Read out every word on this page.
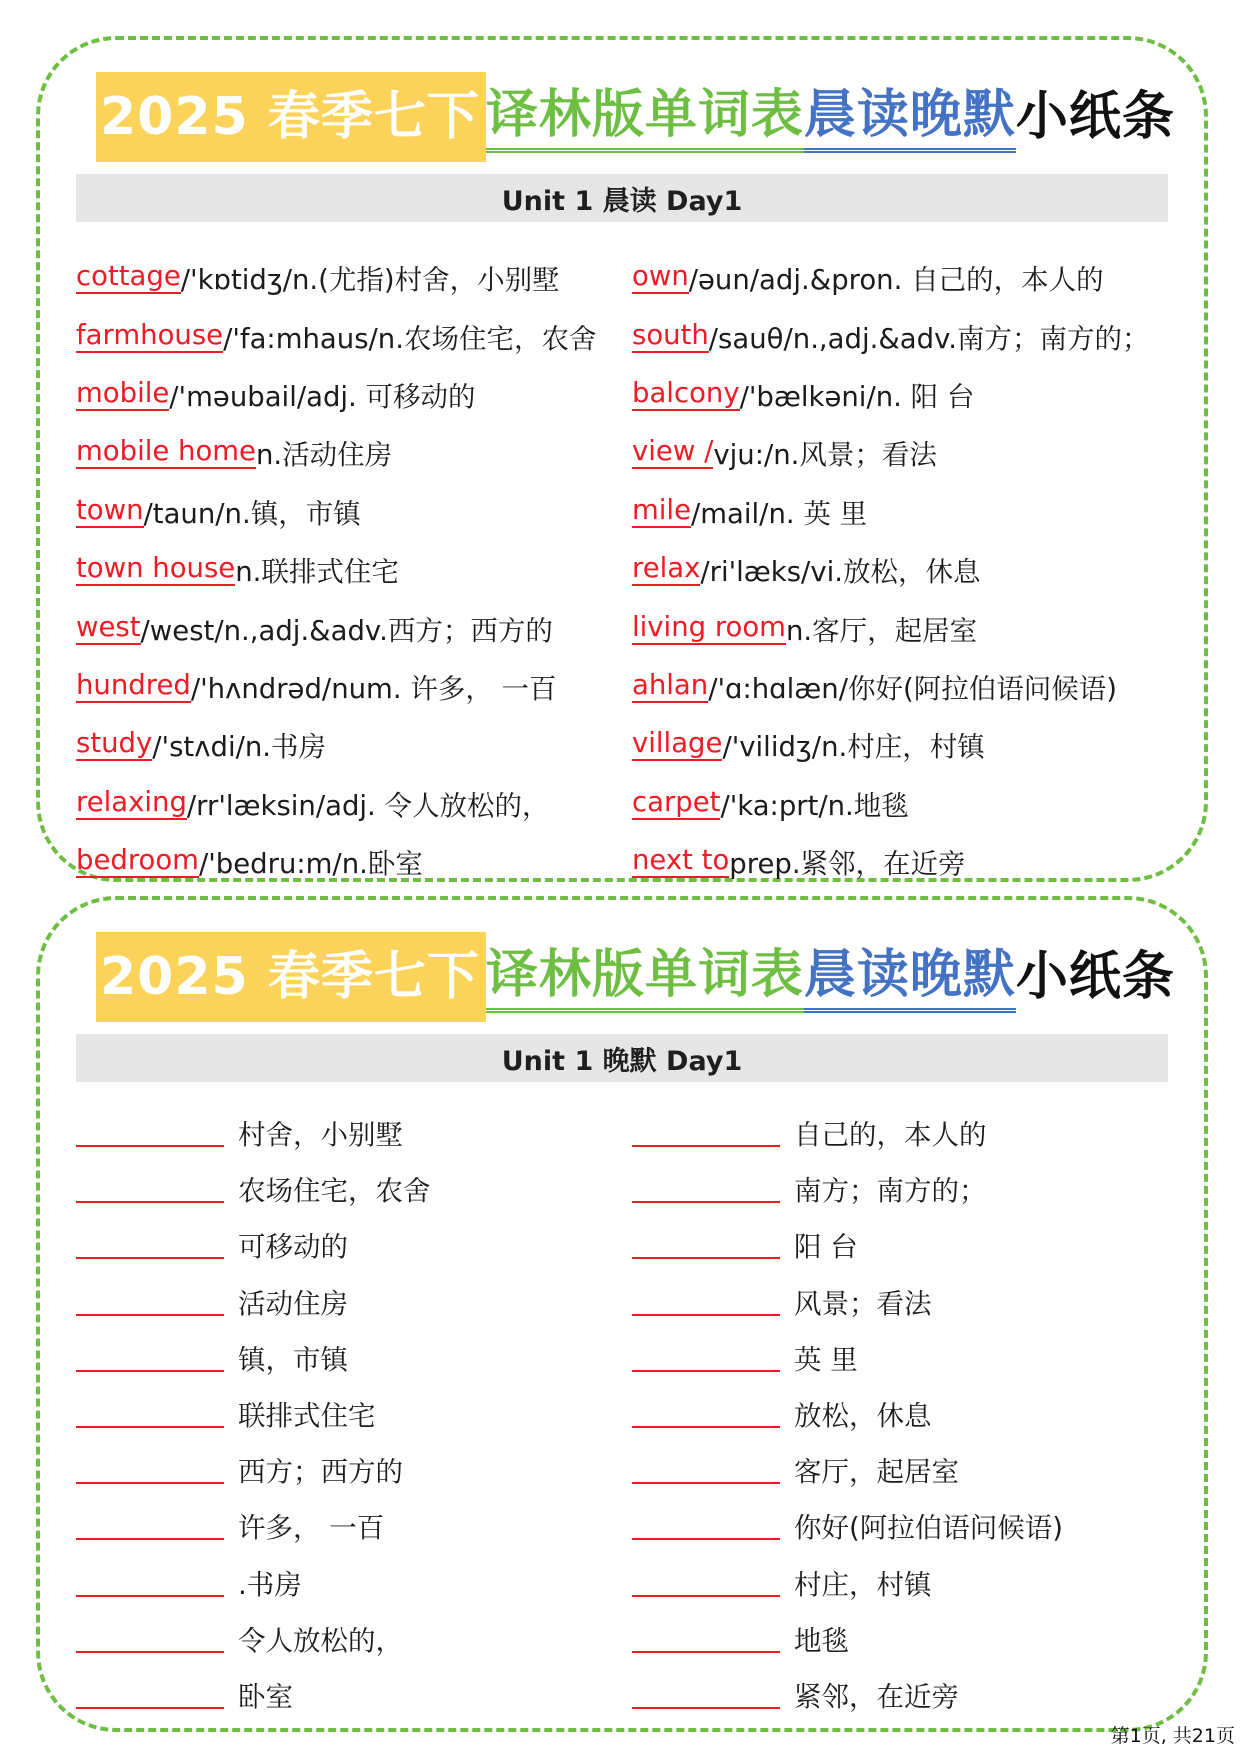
2025 春季七下 译林版单词表 晨读晚默 小纸条
Unit 1 晨读 Day1
cottage /'kɒtidʒ/n.(尤指)村舍，小别墅
farmhouse /'fa:mhaus/n.农场住宅，农舍
mobile /'məubail/adj. 可移动的
mobile home n.活动住房
town /taun/n.镇，市镇
town house n.联排式住宅
west /west/n.,adj.&adv.西方；西方的
hundred /'hʌndrəd/num. 许多， 一百
study /'stʌdi/n.书房
relaxing /rr'læksin/adj. 令人放松的，
bedroom /'bedru:m/n.卧室
own /əun/adj.&pron. 自己的，本人的
south /sauθ/n.,adj.&adv.南方；南方的；
balcony /'bælkəni/n. 阳 台
view / vju:/n.风景；看法
mile /mail/n. 英 里
relax /ri'læks/vi.放松，休息
living room n.客厅，起居室
ahlan /'ɑ:hɑlæn/你好(阿拉伯语问候语)
village /'vilidʒ/n.村庄，村镇
carpet /'ka:prt/n.地毯
next to prep.紧邻，在近旁
2025 春季七下 译林版单词表 晨读晚默 小纸条
Unit 1 晚默 Day1
村舍，小别墅
农场住宅，农舍
可移动的
活动住房
镇，市镇
联排式住宅
西方；西方的
许多， 一百
.书房
令人放松的，
卧室
自己的，本人的
南方；南方的；
阳 台
风景；看法
英 里
放松，休息
客厅，起居室
你好(阿拉伯语问候语)
村庄，村镇
地毯
紧邻，在近旁
第1页, 共21页
